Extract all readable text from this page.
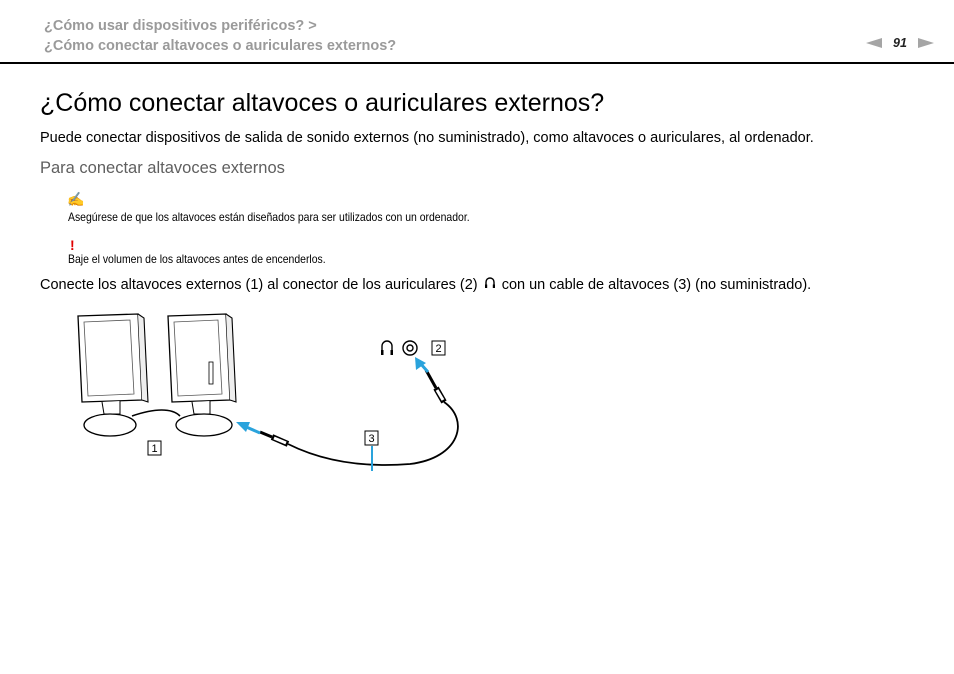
¿Cómo usar dispositivos periféricos? >
¿Cómo conectar altavoces o auriculares externos?	91
¿Cómo conectar altavoces o auriculares externos?
Puede conectar dispositivos de salida de sonido externos (no suministrado), como altavoces o auriculares, al ordenador.
Para conectar altavoces externos
✍
Asegúrese de que los altavoces están diseñados para ser utilizados con un ordenador.
!
Baje el volumen de los altavoces antes de encenderlos.
Conecte los altavoces externos (1) al conector de los auriculares (2) con un cable de altavoces (3) (no suministrado).
1
2
3
